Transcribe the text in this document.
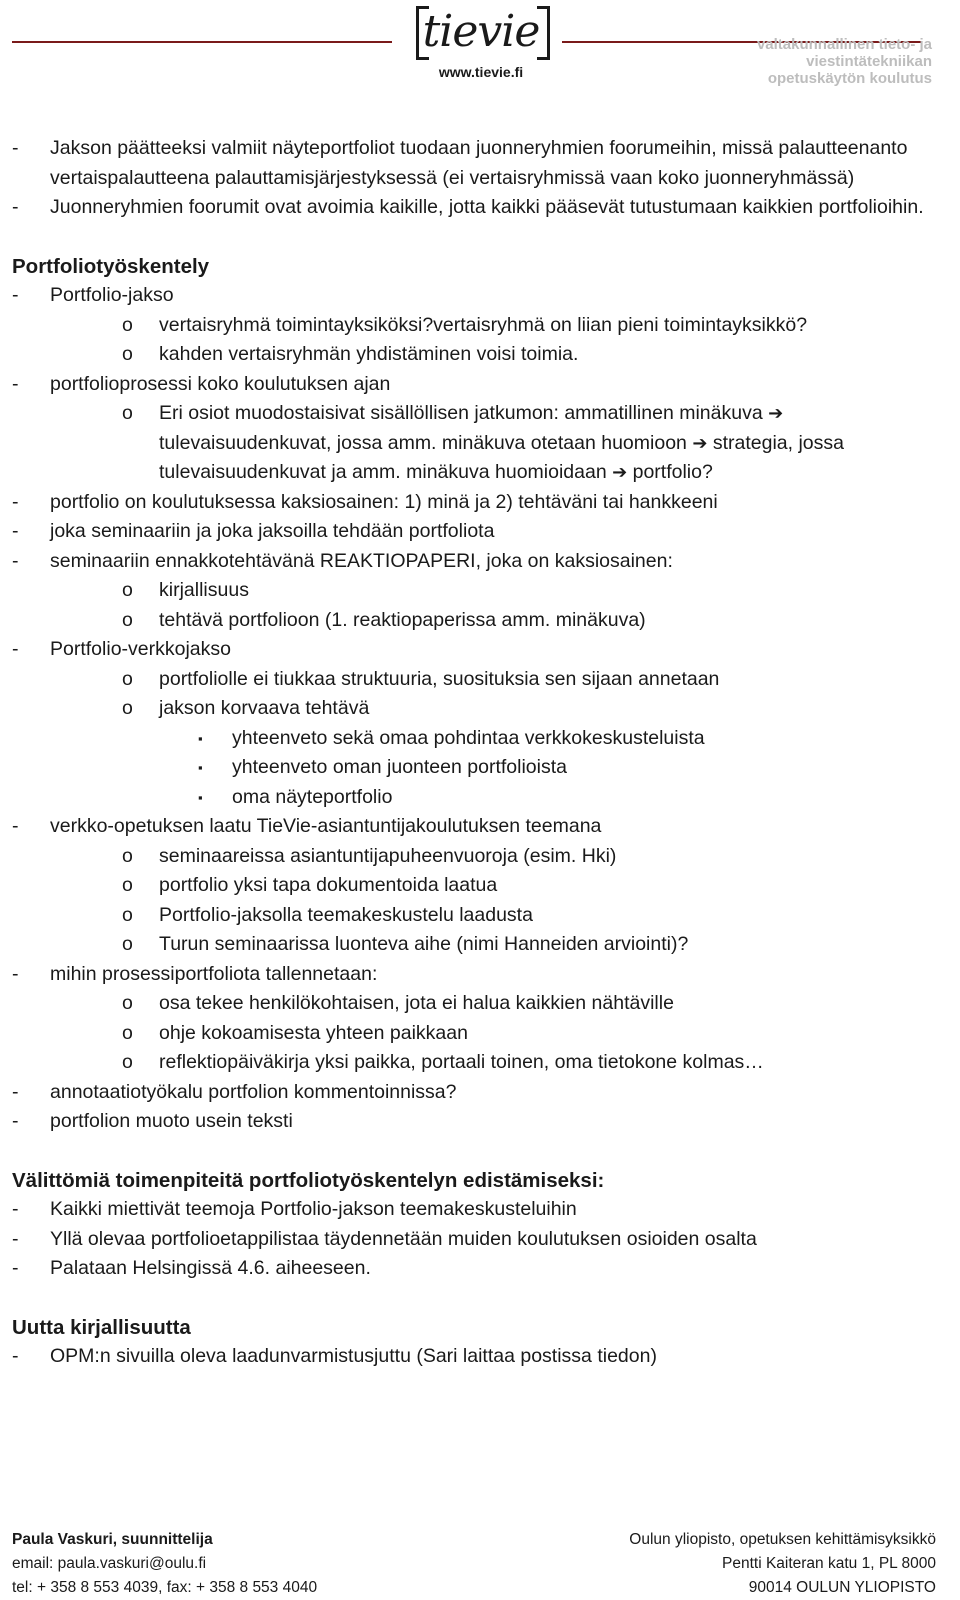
tievie
www.tievie.fi
valtakunnallinen tieto- ja
viestintätekniikan
opetuskäytön koulutus
- Jakson päätteeksi valmiit näyteportfoliot tuodaan juonneryhmien foorumeihin, missä palautteenanto vertaispalautteena palauttamisjärjestyksessä (ei vertaisryhmissä vaan koko juonneryhmässä)
- Juonneryhmien foorumit ovat avoimia kaikille, jotta kaikki pääsevät tutustumaan kaikkien portfolioihin.
Portfoliotyöskentely
- Portfolio-jakso
o vertaisryhmä toimintayksiköksi?vertaisryhmä on liian pieni toimintayksikkö?
o kahden vertaisryhmän yhdistäminen voisi toimia.
- portfolioprosessi koko koulutuksen ajan
o Eri osiot muodostaisivat sisällöllisen jatkumon: ammatillinen minäkuva ➔ tulevaisuudenkuvat, jossa amm. minäkuva otetaan huomioon ➔ strategia, jossa tulevaisuudenkuvat ja amm. minäkuva huomioidaan ➔ portfolio?
- portfolio on koulutuksessa kaksiosainen: 1) minä ja 2) tehtäväni tai hankkeeni
- joka seminaariin ja joka jaksoilla tehdään portfoliota
- seminaariin ennakkotehtävänä REAKTIOPAPERI, joka on kaksiosainen:
o kirjallisuus
o tehtävä portfolioon (1. reaktiopaperissa amm. minäkuva)
- Portfolio-verkkojakso
o portfoliolle ei tiukkaa struktuuria, suosituksia sen sijaan annetaan
o jakson korvaava tehtävä
▪ yhteenveto sekä omaa pohdintaa verkkokeskusteluista
▪ yhteenveto oman juonteen portfolioista
▪ oma näyteportfolio
- verkko-opetuksen laatu TieVie-asiantuntijakoulutuksen teemana
o seminaareissa asiantuntijapuheenvuoroja (esim. Hki)
o portfolio yksi tapa dokumentoida laatua
o Portfolio-jaksolla teemakeskustelu laadusta
o Turun seminaarissa luonteva aihe (nimi Hanneiden arviointi)?
- mihin prosessiportfoliota tallennetaan:
o osa tekee henkilökohtaisen, jota ei halua kaikkien nähtäville
o ohje kokoamisesta yhteen paikkaan
o reflektiopäiväkirja yksi paikka, portaali toinen, oma tietokone kolmas…
- annotaatiotyökalu portfolion kommentoinnissa?
- portfolion muoto usein teksti
Välittömiä toimenpiteitä portfoliotyöskentelyn edistämiseksi:
- Kaikki miettivät teemoja Portfolio-jakson teemakeskusteluihin
- Yllä olevaa portfolioetappilistaa täydennetään muiden koulutuksen osioiden osalta
- Palataan Helsingissä 4.6. aiheeseen.
Uutta kirjallisuutta
- OPM:n sivuilla oleva laadunvarmistusjuttu (Sari laittaa postissa tiedon)
Paula Vaskuri, suunnittelija
email: paula.vaskuri@oulu.fi
tel: + 358 8 553 4039, fax: + 358 8 553 4040
Oulun yliopisto, opetuksen kehittämisyksikkö
Pentti Kaiteran katu 1, PL 8000
90014 OULUN YLIOPISTO
